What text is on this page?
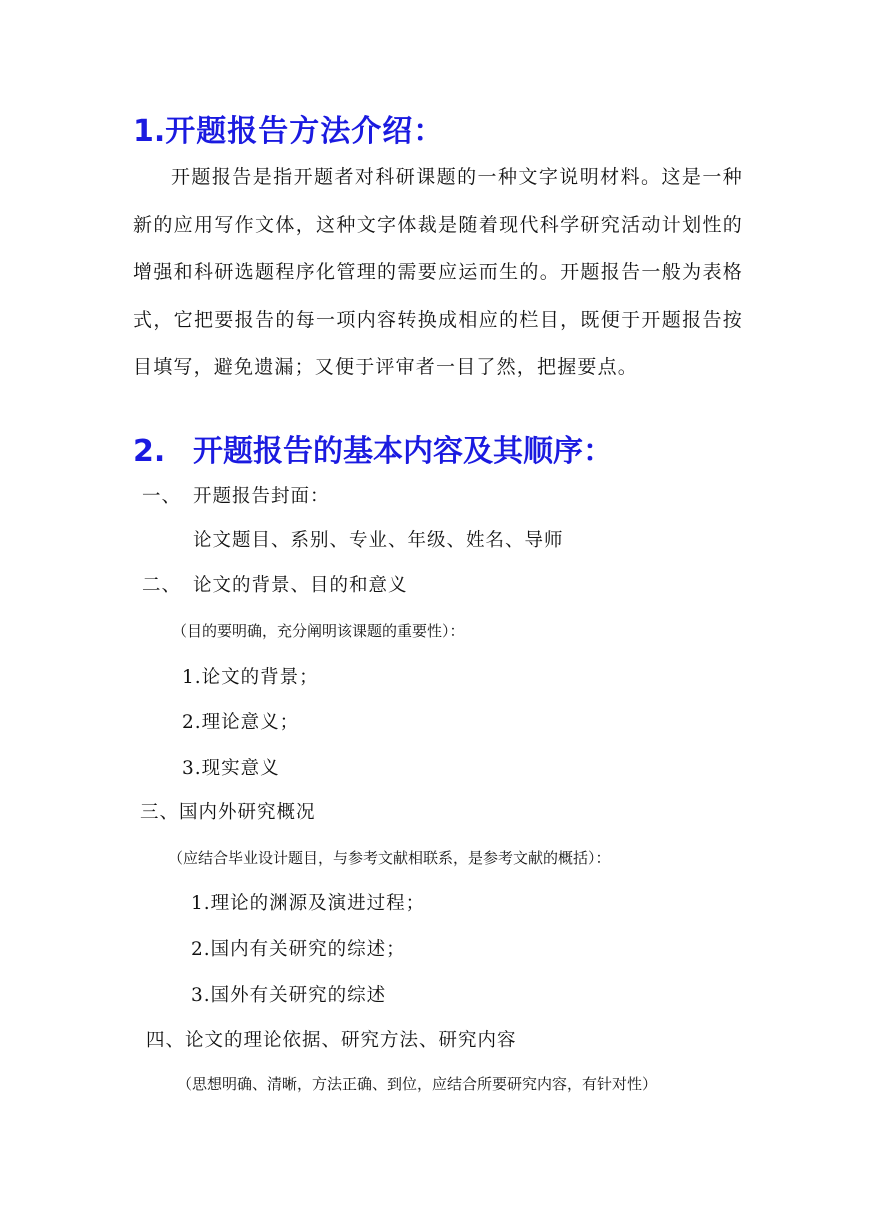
1.开题报告方法介绍：
开题报告是指开题者对科研课题的一种文字说明材料。这是一种新的应用写作文体，这种文字体裁是随着现代科学研究活动计划性的增强和科研选题程序化管理的需要应运而生的。开题报告一般为表格式，它把要报告的每一项内容转换成相应的栏目，既便于开题报告按目填写，避免遗漏；又便于评审者一目了然，把握要点。
2. 开题报告的基本内容及其顺序：
一、 开题报告封面：
论文题目、系别、专业、年级、姓名、导师
二、 论文的背景、目的和意义
（目的要明确，充分阐明该课题的重要性）：
1.论文的背景；
2.理论意义；
3.现实意义
三、国内外研究概况
（应结合毕业设计题目，与参考文献相联系，是参考文献的概括）：
1.理论的渊源及演进过程；
2.国内有关研究的综述；
3.国外有关研究的综述
四、论文的理论依据、研究方法、研究内容
（思想明确、清晰，方法正确、到位，应结合所要研究内容，有针对性）
